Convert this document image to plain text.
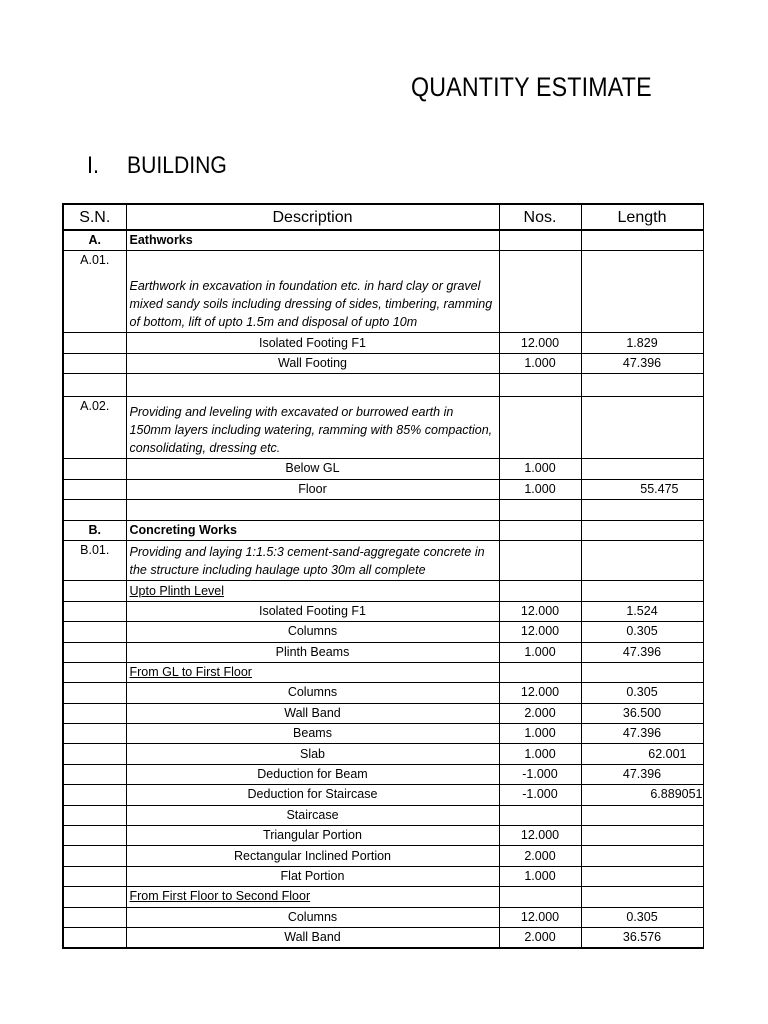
QUANTITY ESTIMATE
I. BUILDING
S.N.	Description	Nos.	Length
A.	Eathworks		
A.01.	Earthwork in excavation in foundation etc. in hard clay or gravel mixed sandy soils including dressing of sides, timbering, ramming of bottom, lift of upto 1.5m and disposal of upto 10m		
	Isolated Footing F1	12.000	1.829
	Wall Footing	1.000	47.396

A.02.	Providing and leveling with excavated or burrowed earth in 150mm layers including watering, ramming with 85% compaction, consolidating, dressing etc.		
	Below GL	1.000	
	Floor	1.000	55.475

B.	Concreting Works		
B.01.	Providing and laying 1:1.5:3 cement-sand-aggregate concrete in the structure including haulage upto 30m all complete		
	Upto Plinth Level		
	Isolated Footing F1	12.000	1.524
	Columns	12.000	0.305
	Plinth Beams	1.000	47.396
	From GL to First Floor		
	Columns	12.000	0.305
	Wall Band	2.000	36.500
	Beams	1.000	47.396
	Slab	1.000	62.001
	Deduction for Beam	-1.000	47.396
	Deduction for Staircase	-1.000	6.889051
	Staircase		
	Triangular Portion	12.000	
	Rectangular Inclined Portion	2.000	
	Flat Portion	1.000	
	From First Floor to Second Floor		
	Columns	12.000	0.305
	Wall Band	2.000	36.576
